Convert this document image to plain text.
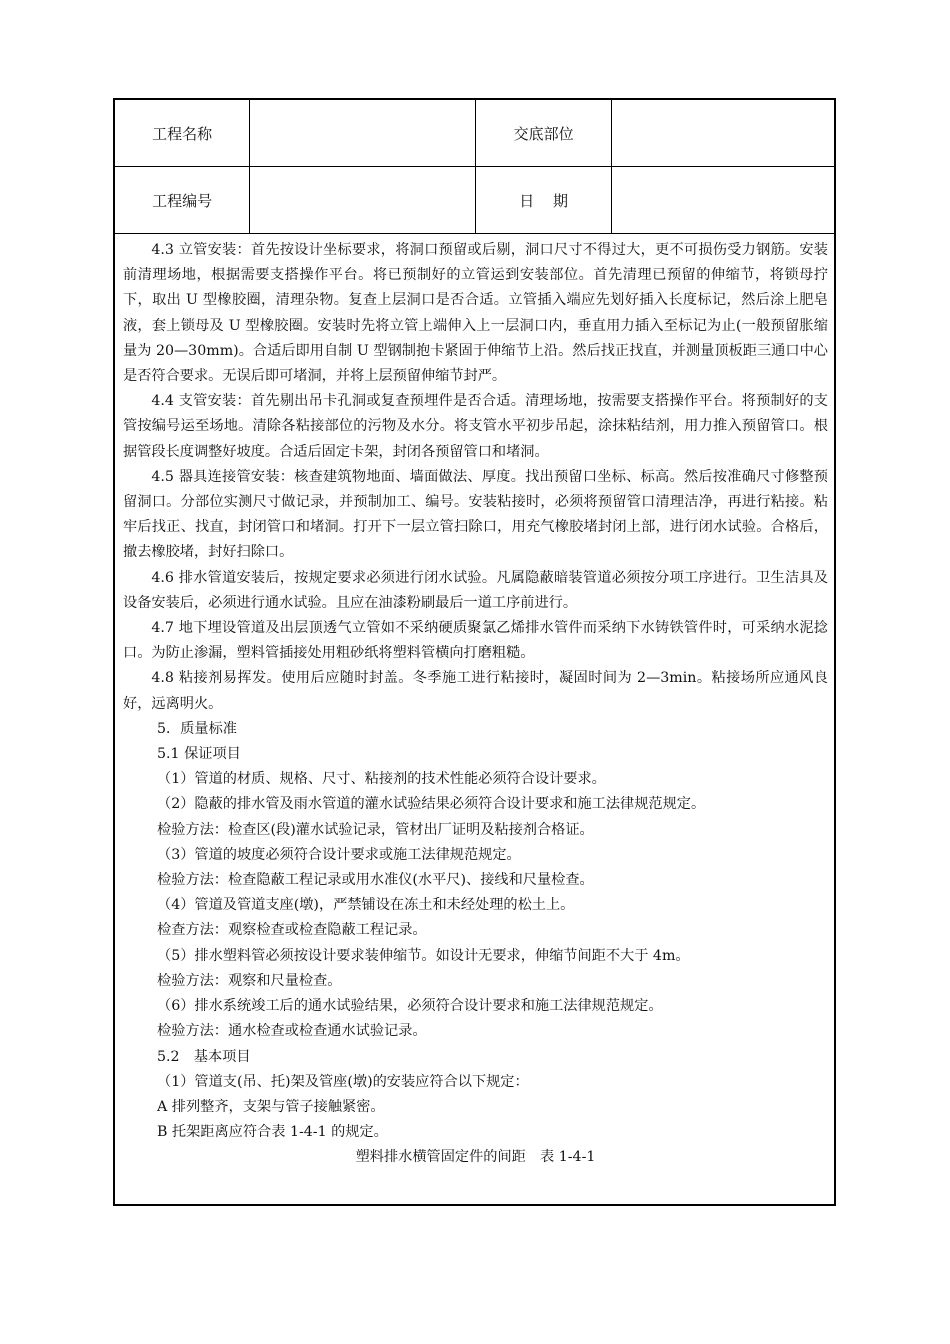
工程名称		交底部位	
工程编号		日 期	

4.3 立管安装：首先按设计坐标要求，将洞口预留或后剔，洞口尺寸不得过大，更不可损伤受力钢筋。安装前清理场地，根据需要支搭操作平台。将已预制好的立管运到安装部位。首先清理已预留的伸缩节，将锁母拧下，取出 U 型橡胶圈，清理杂物。复查上层洞口是否合适。立管插入端应先划好插入长度标记，然后涂上肥皂液，套上锁母及 U 型橡胶圈。安装时先将立管上端伸入上一层洞口内，垂直用力插入至标记为止(一般预留胀缩量为 20—30mm)。合适后即用自制 U 型钢制抱卡紧固于伸缩节上沿。然后找正找直，并测量顶板距三通口中心是否符合要求。无误后即可堵洞，并将上层预留伸缩节封严。

4.4 支管安装：首先剔出吊卡孔洞或复查预埋件是否合适。清理场地，按需要支搭操作平台。将预制好的支管按编号运至场地。清除各粘接部位的污物及水分。将支管水平初步吊起，涂抹粘结剂，用力推入预留管口。根据管段长度调整好坡度。合适后固定卡架，封闭各预留管口和堵洞。

4.5 器具连接管安装：核查建筑物地面、墙面做法、厚度。找出预留口坐标、标高。然后按准确尺寸修整预留洞口。分部位实测尺寸做记录，并预制加工、编号。安装粘接时，必须将预留管口清理洁净，再进行粘接。粘牢后找正、找直，封闭管口和堵洞。打开下一层立管扫除口，用充气橡胶堵封闭上部，进行闭水试验。合格后，撤去橡胶堵，封好扫除口。

4.6 排水管道安装后，按规定要求必须进行闭水试验。凡属隐蔽暗装管道必须按分项工序进行。卫生洁具及设备安装后，必须进行通水试验。且应在油漆粉刷最后一道工序前进行。

4.7 地下埋设管道及出层顶透气立管如不采纳硬质聚氯乙烯排水管件而采纳下水铸铁管件时，可采纳水泥捻口。为防止渗漏，塑料管插接处用粗砂纸将塑料管横向打磨粗糙。

4.8 粘接剂易挥发。使用后应随时封盖。冬季施工进行粘接时，凝固时间为 2—3min。粘接场所应通风良好，远离明火。

5．质量标准

5.1 保证项目

（1）管道的材质、规格、尺寸、粘接剂的技术性能必须符合设计要求。

（2）隐蔽的排水管及雨水管道的灌水试验结果必须符合设计要求和施工法律规范规定。

检验方法：检查区(段)灌水试验记录，管材出厂证明及粘接剂合格证。

（3）管道的坡度必须符合设计要求或施工法律规范规定。

检验方法：检查隐蔽工程记录或用水准仪(水平尺)、接线和尺量检查。

（4）管道及管道支座(墩)，严禁铺设在冻土和未经处理的松土上。

检查方法：观察检查或检查隐蔽工程记录。

（5）排水塑料管必须按设计要求装伸缩节。如设计无要求，伸缩节间距不大于 4m。

检验方法：观察和尺量检查。

（6）排水系统竣工后的通水试验结果，必须符合设计要求和施工法律规范规定。

检验方法：通水检查或检查通水试验记录。

5.2　基本项目

（1）管道支(吊、托)架及管座(墩)的安装应符合以下规定：

A 排列整齐，支架与管子接触紧密。

B 托架距离应符合表 1-4-1 的规定。

塑料排水横管固定件的间距　表 1-4-1
